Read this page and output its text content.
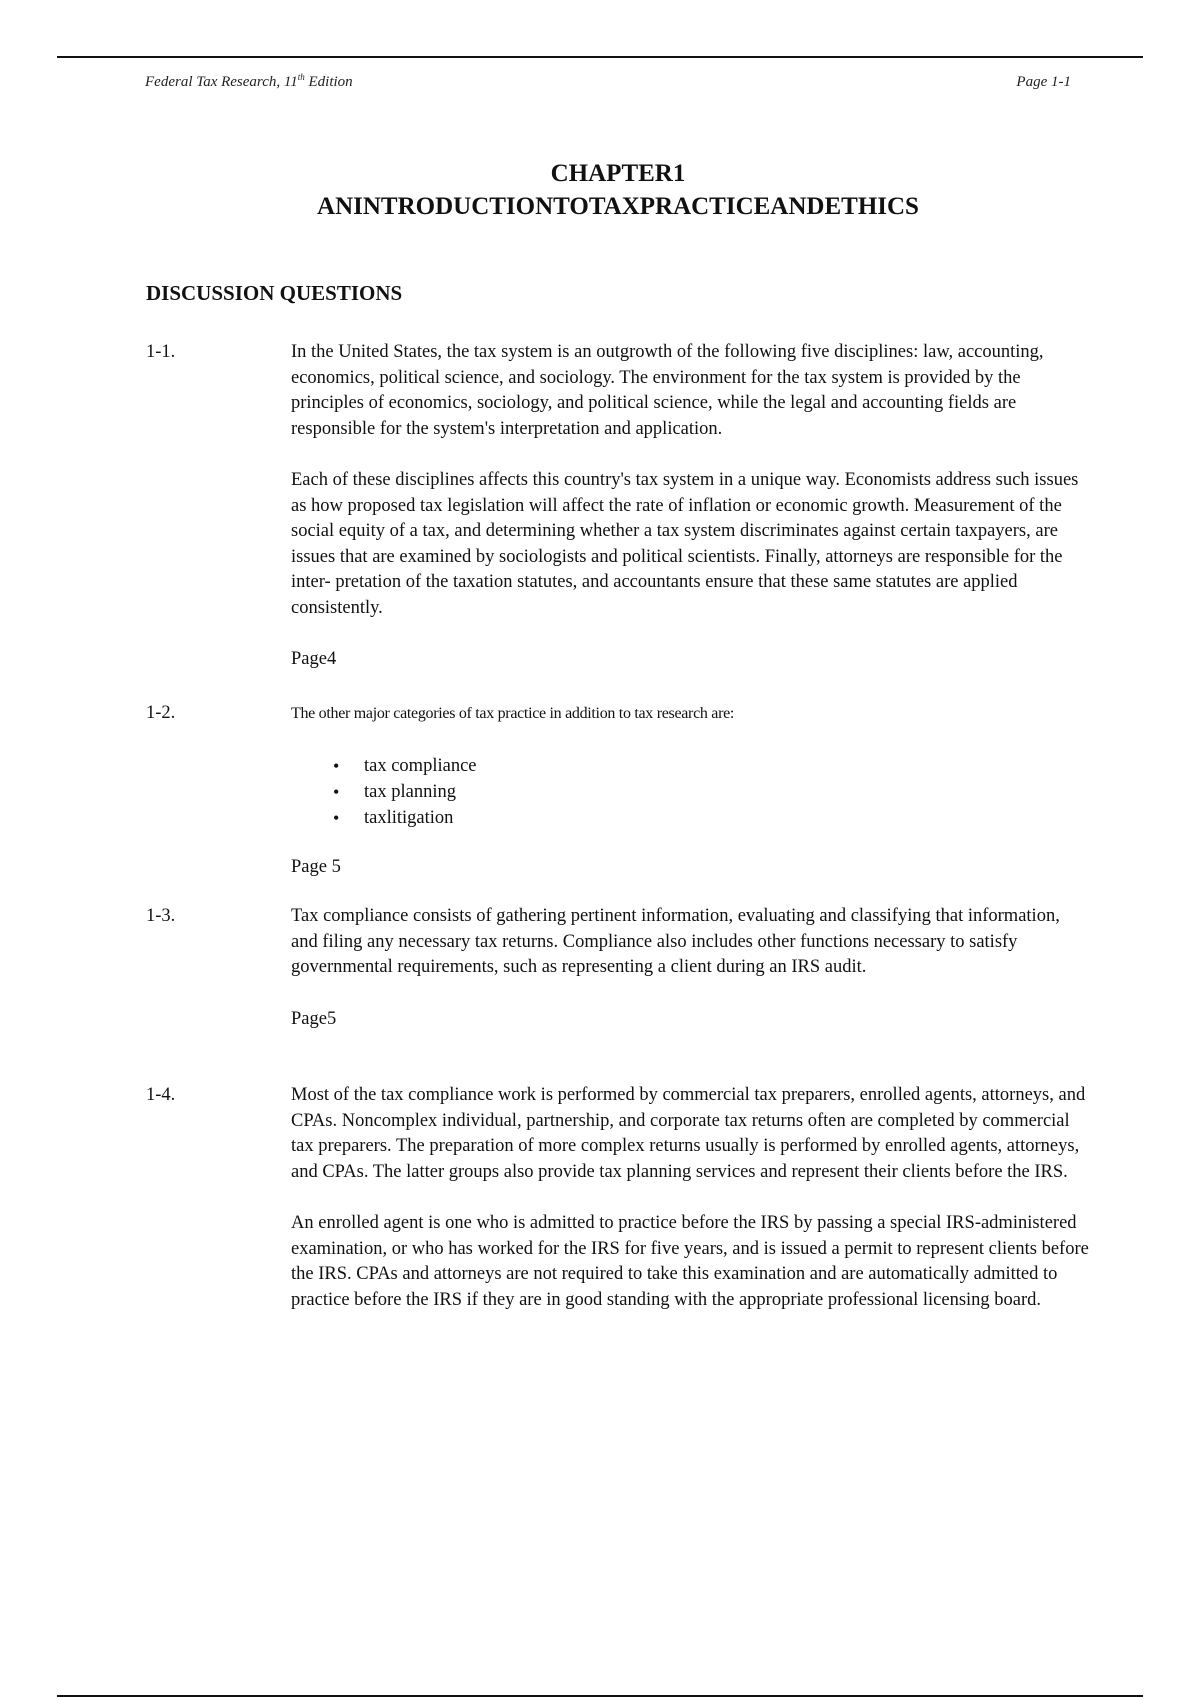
Federal Tax Research, 11th Edition	Page 1-1
CHAPTER1
ANINTRODUCTIONTOTAXPRACTICEANDETHICS
DISCUSSION QUESTIONS
1-1.	In the United States, the tax system is an outgrowth of the following five disciplines: law, accounting, economics, political science, and sociology. The environment for the tax system is provided by the principles of economics, sociology, and political science, while the legal and accounting fields are responsible for the system's interpretation and application.

Each of these disciplines affects this country's tax system in a unique way. Economists address such issues as how proposed tax legislation will affect the rate of inflation or economic growth. Measurement of the social equity of a tax, and determining whether a tax system discriminates against certain taxpayers, are issues that are examined by sociologists and political scientists. Finally, attorneys are responsible for the inter- pretation of the taxation statutes, and accountants ensure that these same statutes are applied consistently.

Page4

1-2.	The other major categories of tax practice in addition to tax research are:

• tax compliance
• tax planning
• taxlitigation

Page 5

1-3.	Tax compliance consists of gathering pertinent information, evaluating and classifying that information, and filing any necessary tax returns. Compliance also includes other functions necessary to satisfy governmental requirements, such as representing a client during an IRS audit.

Page5

1-4.	Most of the tax compliance work is performed by commercial tax preparers, enrolled agents, attorneys, and CPAs. Noncomplex individual, partnership, and corporate tax returns often are completed by commercial tax preparers. The preparation of more complex returns usually is performed by enrolled agents, attorneys, and CPAs. The latter groups also provide tax planning services and represent their clients before the IRS.

An enrolled agent is one who is admitted to practice before the IRS by passing a special IRS-administered examination, or who has worked for the IRS for five years, and is issued a permit to represent clients before the IRS. CPAs and attorneys are not required to take this examination and are automatically admitted to practice before the IRS if they are in good standing with the appropriate professional licensing board.
